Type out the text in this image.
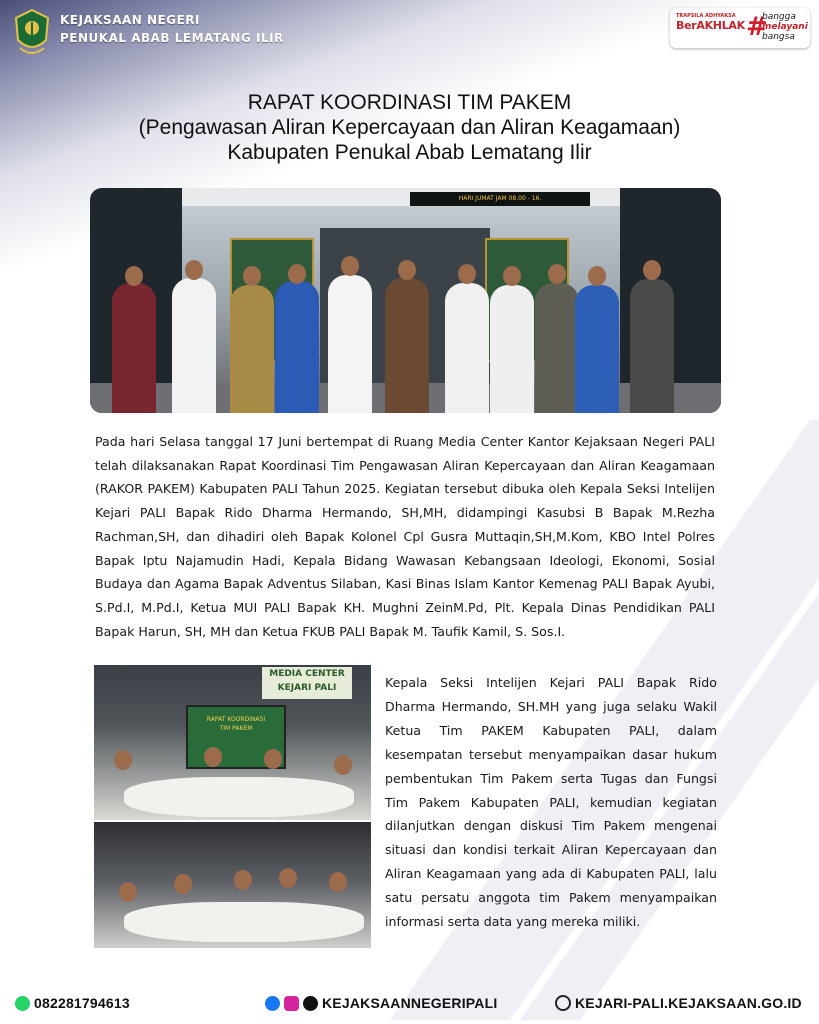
KEJAKSAAN NEGERI
PENUKAL ABAB LEMATANG ILIR
TRAPSILA ADHYAKSA
BerAKHLAK #
bangga
melayani
bangsa
RAPAT KOORDINASI TIM PAKEM
(Pengawasan Aliran Kepercayaan dan Aliran Keagamaan)
Kabupaten Penukal Abab Lematang Ilir
HARI JUMAT JAM 08.00 - 16.
Pada hari Selasa tanggal 17 Juni bertempat di Ruang Media Center Kantor Kejaksaan Negeri PALI telah dilaksanakan Rapat Koordinasi Tim Pengawasan Aliran Kepercayaan dan Aliran Keagamaan (RAKOR PAKEM) Kabupaten PALI Tahun 2025. Kegiatan tersebut dibuka oleh Kepala Seksi Intelijen Kejari PALI Bapak Rido Dharma Hermando, SH,MH, didampingi Kasubsi B Bapak M.Rezha Rachman,SH, dan dihadiri oleh Bapak Kolonel Cpl Gusra Muttaqin,SH,M.Kom, KBO Intel Polres Bapak Iptu Najamudin Hadi, Kepala Bidang Wawasan Kebangsaan Ideologi, Ekonomi, Sosial Budaya dan Agama Bapak Adventus Silaban, Kasi Binas Islam Kantor Kemenag PALI Bapak Ayubi, S.Pd.I, M.Pd.I, Ketua MUI PALI Bapak KH. Mughni ZeinM.Pd, Plt. Kepala Dinas Pendidikan PALI Bapak Harun, SH, MH dan Ketua FKUB PALI Bapak M. Taufik Kamil, S. Sos.I.
MEDIA CENTER
KEJARI PALI
RAPAT KOORDINASI
TIM PAKEM
Kepala Seksi Intelijen Kejari PALI Bapak Rido Dharma Hermando, SH.MH yang juga selaku Wakil Ketua Tim PAKEM Kabupaten PALI, dalam kesempatan tersebut menyampaikan dasar hukum pembentukan Tim Pakem serta Tugas dan Fungsi Tim Pakem Kabupaten PALI, kemudian kegiatan dilanjutkan dengan diskusi Tim Pakem mengenai situasi dan kondisi terkait Aliran Kepercayaan dan Aliran Keagamaan yang ada di Kabupaten PALI, lalu satu persatu anggota tim Pakem menyampaikan informasi serta data yang mereka miliki.
082281794613	KEJAKSAANNEGERIPALI	KEJARI-PALI.KEJAKSAAN.GO.ID
